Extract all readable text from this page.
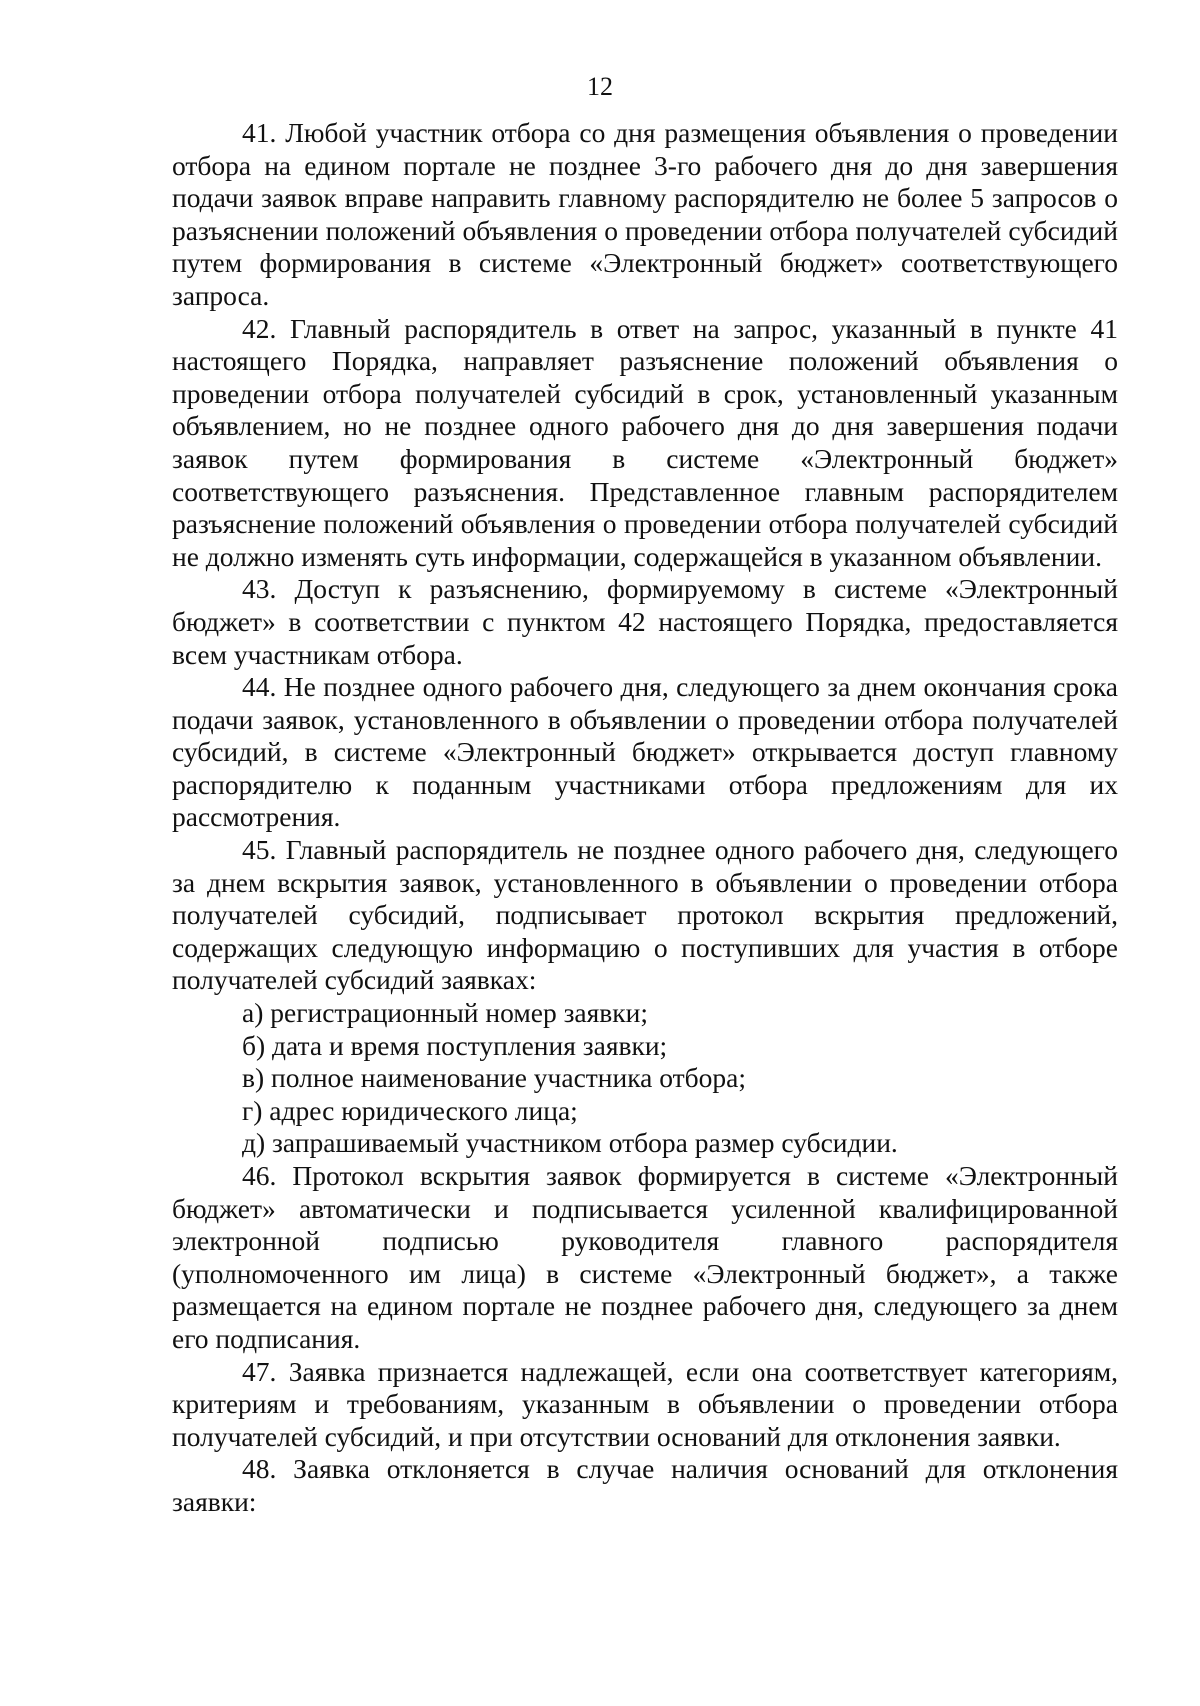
12

41. Любой участник отбора со дня размещения объявления о проведении отбора на едином портале не позднее 3-го рабочего дня до дня завершения подачи заявок вправе направить главному распорядителю не более 5 запросов о разъяснении положений объявления о проведении отбора получателей субсидий путем формирования в системе «Электронный бюджет» соответствующего запроса.

42. Главный распорядитель в ответ на запрос, указанный в пункте 41 настоящего Порядка, направляет разъяснение положений объявления о проведении отбора получателей субсидий в срок, установленный указанным объявлением, но не позднее одного рабочего дня до дня завершения подачи заявок путем формирования в системе «Электронный бюджет» соответствующего разъяснения. Представленное главным распорядителем разъяснение положений объявления о проведении отбора получателей субсидий не должно изменять суть информации, содержащейся в указанном объявлении.

43. Доступ к разъяснению, формируемому в системе «Электронный бюджет» в соответствии с пунктом 42 настоящего Порядка, предоставляется всем участникам отбора.

44. Не позднее одного рабочего дня, следующего за днем окончания срока подачи заявок, установленного в объявлении о проведении отбора получателей субсидий, в системе «Электронный бюджет» открывается доступ главному распорядителю к поданным участниками отбора предложениям для их рассмотрения.

45. Главный распорядитель не позднее одного рабочего дня, следующего за днем вскрытия заявок, установленного в объявлении о проведении отбора получателей субсидий, подписывает протокол вскрытия предложений, содержащих следующую информацию о поступивших для участия в отборе получателей субсидий заявках:

а) регистрационный номер заявки;

б) дата и время поступления заявки;

в) полное наименование участника отбора;

г) адрес юридического лица;

д) запрашиваемый участником отбора размер субсидии.

46. Протокол вскрытия заявок формируется в системе «Электронный бюджет» автоматически и подписывается усиленной квалифицированной электронной подписью руководителя главного распорядителя (уполномоченного им лица) в системе «Электронный бюджет», а также размещается на едином портале не позднее рабочего дня, следующего за днем его подписания.

47. Заявка признается надлежащей, если она соответствует категориям, критериям и требованиям, указанным в объявлении о проведении отбора получателей субсидий, и при отсутствии оснований для отклонения заявки.

48. Заявка отклоняется в случае наличия оснований для отклонения заявки:
